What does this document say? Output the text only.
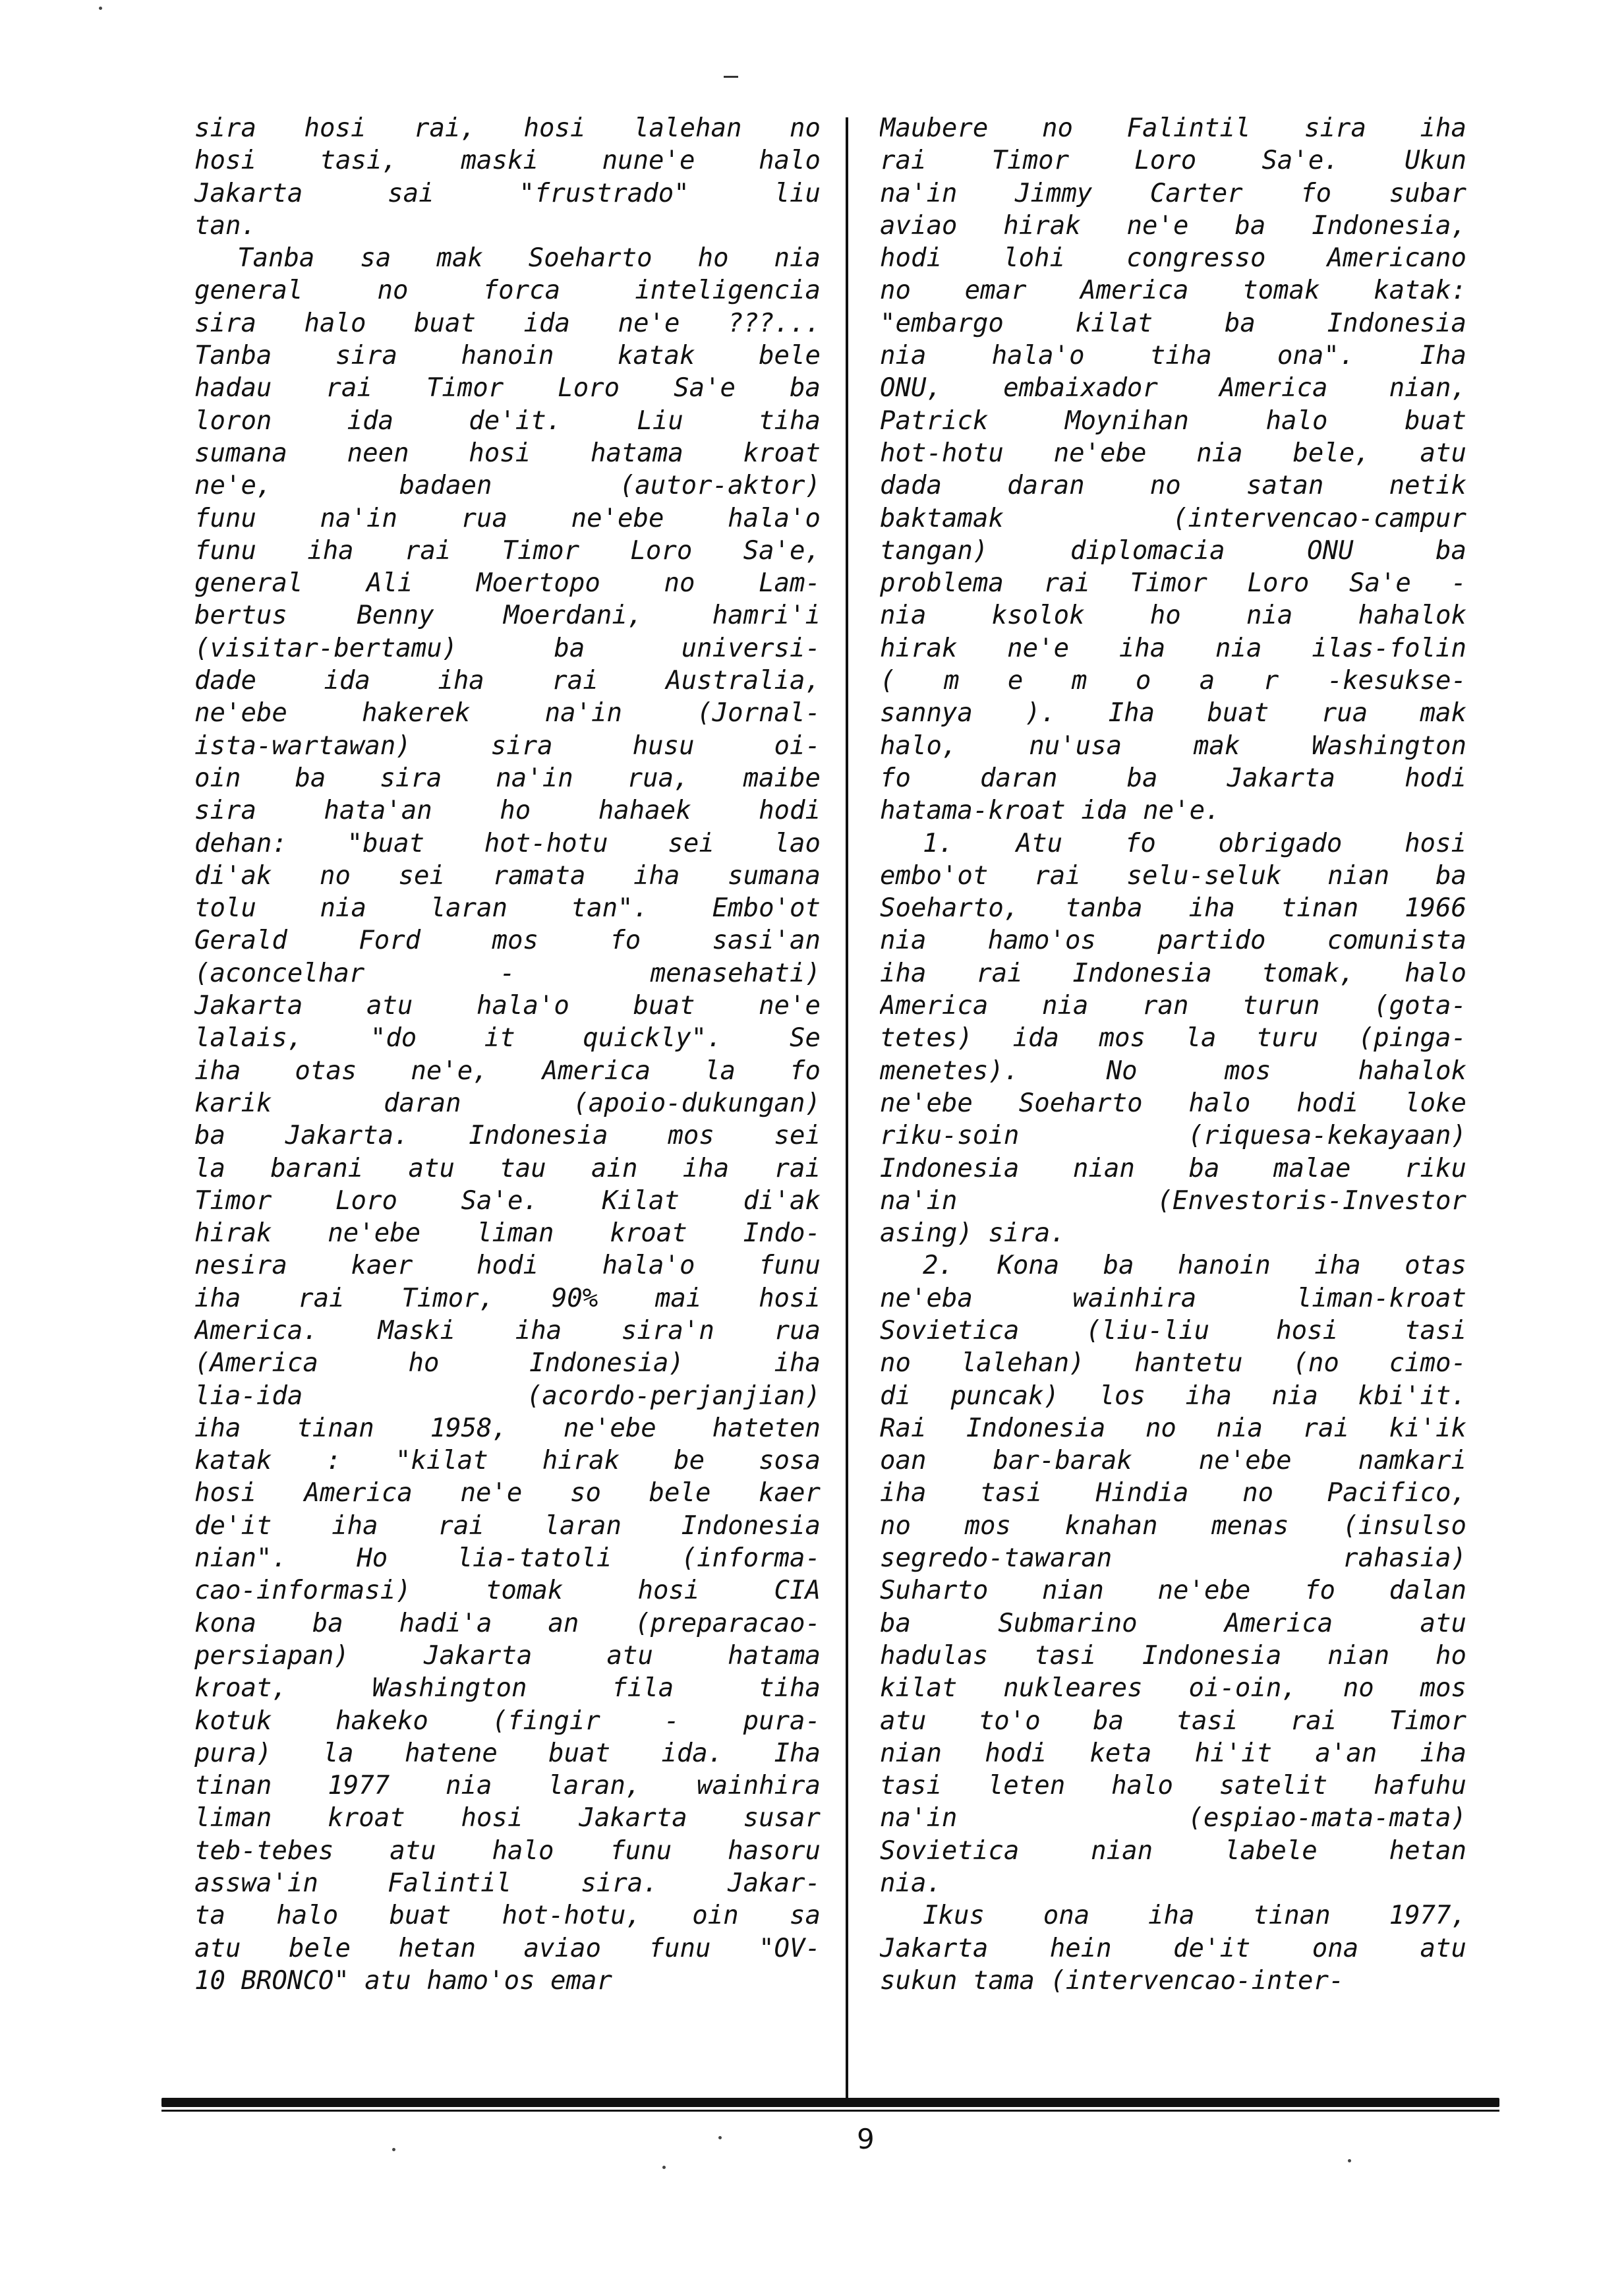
sira hosi rai, hosi lalehan no
hosi tasi, maski nune'e halo
Jakarta sai "frustrado" liu
tan.
Tanba sa mak Soeharto ho nia
general no forca inteligencia
sira halo buat ida ne'e ???...
Tanba sira hanoin katak bele
hadau rai Timor Loro Sa'e ba
loron ida de'it. Liu tiha
sumana neen hosi hatama kroat
ne'e, badaen (autor-aktor)
funu na'in rua ne'ebe hala'o
funu iha rai Timor Loro Sa'e,
general Ali Moertopo no Lam-
bertus Benny Moerdani, hamri'i
(visitar-bertamu) ba universi-
dade ida iha rai Australia,
ne'ebe hakerek na'in (Jornal-
ista-wartawan) sira husu oi-
oin ba sira na'in rua, maibe
sira hata'an ho hahaek hodi
dehan: "buat hot-hotu sei lao
di'ak no sei ramata iha sumana
tolu nia laran tan". Embo'ot
Gerald Ford mos fo sasi'an
(aconcelhar - menasehati)
Jakarta atu hala'o buat ne'e
lalais, "do it quickly". Se
iha otas ne'e, America la fo
karik daran (apoio-dukungan)
ba Jakarta. Indonesia mos sei
la barani atu tau ain iha rai
Timor Loro Sa'e. Kilat di'ak
hirak ne'ebe liman kroat Indo-
nesira kaer hodi hala'o funu
iha rai Timor, 90% mai hosi
America. Maski iha sira'n rua
(America ho Indonesia) iha
lia-ida (acordo-perjanjian)
iha tinan 1958, ne'ebe hateten
katak : "kilat hirak be sosa
hosi America ne'e so bele kaer
de'it iha rai laran Indonesia
nian". Ho lia-tatoli (informa-
cao-informasi) tomak hosi CIA
kona ba hadi'a an (preparacao-
persiapan) Jakarta atu hatama
kroat, Washington fila tiha
kotuk hakeko (fingir - pura-
pura) la hatene buat ida. Iha
tinan 1977 nia laran, wainhira
liman kroat hosi Jakarta susar
teb-tebes atu halo funu hasoru
asswa'in Falintil sira. Jakar-
ta halo buat hot-hotu, oin sa
atu bele hetan aviao funu "OV-
10 BRONCO" atu hamo'os emar
Maubere no Falintil sira iha
rai Timor Loro Sa'e. Ukun
na'in Jimmy Carter fo subar
aviao hirak ne'e ba Indonesia,
hodi lohi congresso Americano
no emar America tomak katak:
"embargo kilat ba Indonesia
nia hala'o tiha ona". Iha
ONU, embaixador America nian,
Patrick Moynihan halo buat
hot-hotu ne'ebe nia bele, atu
dada daran no satan netik
baktamak (intervencao-campur
tangan) diplomacia ONU ba
problema rai Timor Loro Sa'e -
nia ksolok ho nia hahalok
hirak ne'e iha nia ilas-folin
( m e m o a r -kesukse-
sannya ). Iha buat rua mak
halo, nu'usa mak Washington
fo daran ba Jakarta hodi
hatama-kroat ida ne'e.
1. Atu fo obrigado hosi
embo'ot rai selu-seluk nian ba
Soeharto, tanba iha tinan 1966
nia hamo'os partido comunista
iha rai Indonesia tomak, halo
America nia ran turun (gota-
tetes) ida mos la turu (pinga-
menetes). No mos hahalok
ne'ebe Soeharto halo hodi loke
riku-soin (riquesa-kekayaan)
Indonesia nian ba malae riku
na'in (Envestoris-Investor
asing) sira.
2. Kona ba hanoin iha otas
ne'eba wainhira liman-kroat
Sovietica (liu-liu hosi tasi
no lalehan) hantetu (no cimo-
di puncak) los iha nia kbi'it.
Rai Indonesia no nia rai ki'ik
oan bar-barak ne'ebe namkari
iha tasi Hindia no Pacifico,
no mos knahan menas (insulso
segredo-tawaran rahasia)
Suharto nian ne'ebe fo dalan
ba Submarino America atu
hadulas tasi Indonesia nian ho
kilat nukleares oi-oin, no mos
atu to'o ba tasi rai Timor
nian hodi keta hi'it a'an iha
tasi leten halo satelit hafuhu
na'in (espiao-mata-mata)
Sovietica nian labele hetan
nia.
Ikus ona iha tinan 1977,
Jakarta hein de'it ona atu
sukun tama (intervencao-inter-
9
